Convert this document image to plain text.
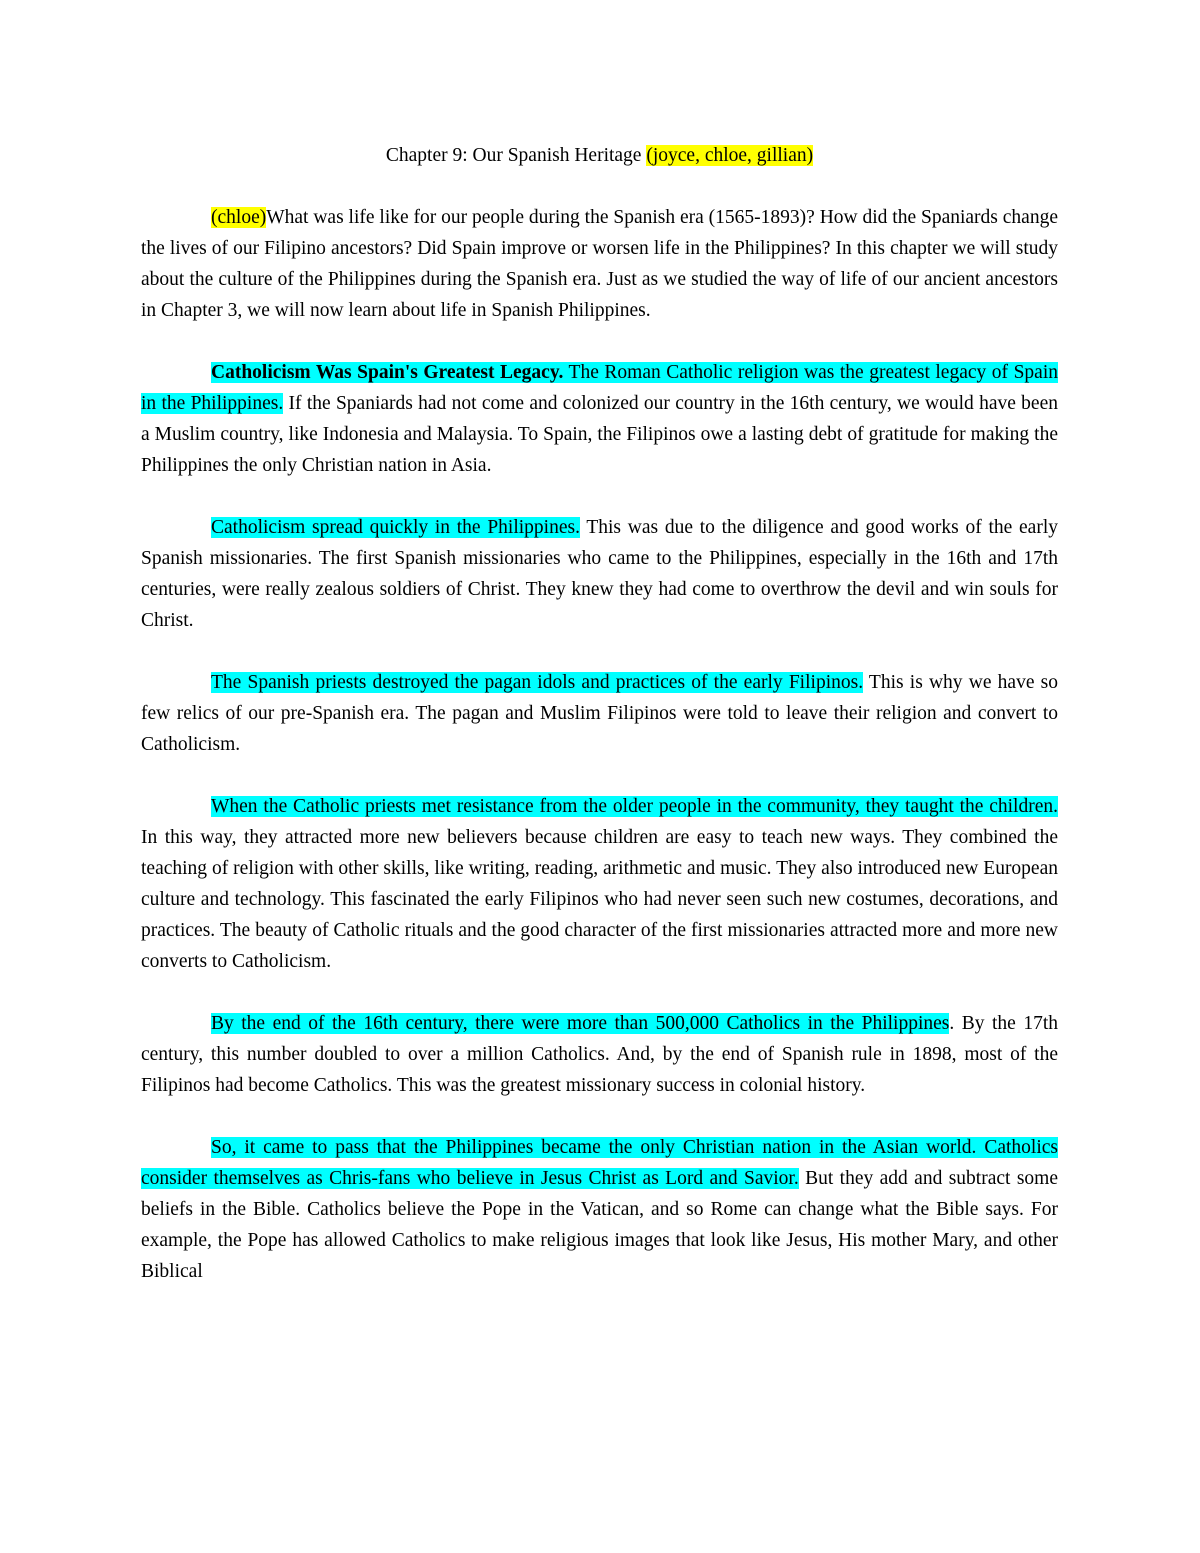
Chapter 9: Our Spanish Heritage (joyce, chloe, gillian)

(chloe)What was life like for our people during the Spanish era (1565-1893)? How did the Spaniards change the lives of our Filipino ancestors? Did Spain improve or worsen life in the Philippines? In this chapter we will study about the culture of the Philippines during the Spanish era. Just as we studied the way of life of our ancient ancestors in Chapter 3, we will now learn about life in Spanish Philippines.

Catholicism Was Spain's Greatest Legacy. The Roman Catholic religion was the greatest legacy of Spain in the Philippines. If the Spaniards had not come and colonized our country in the 16th century, we would have been a Muslim country, like Indonesia and Malaysia. To Spain, the Filipinos owe a lasting debt of gratitude for making the Philippines the only Christian nation in Asia.

Catholicism spread quickly in the Philippines. This was due to the diligence and good works of the early Spanish missionaries. The first Spanish missionaries who came to the Philippines, especially in the 16th and 17th centuries, were really zealous soldiers of Christ. They knew they had come to overthrow the devil and win souls for Christ.

The Spanish priests destroyed the pagan idols and practices of the early Filipinos. This is why we have so few relics of our pre-Spanish era. The pagan and Muslim Filipinos were told to leave their religion and convert to Catholicism.

When the Catholic priests met resistance from the older people in the community, they taught the children. In this way, they attracted more new believers because children are easy to teach new ways. They combined the teaching of religion with other skills, like writing, reading, arithmetic and music. They also introduced new European culture and technology. This fascinated the early Filipinos who had never seen such new costumes, decorations, and practices. The beauty of Catholic rituals and the good character of the first missionaries attracted more and more new converts to Catholicism.

By the end of the 16th century, there were more than 500,000 Catholics in the Philippines. By the 17th century, this number doubled to over a million Catholics. And, by the end of Spanish rule in 1898, most of the Filipinos had become Catholics. This was the greatest missionary success in colonial history.

So, it came to pass that the Philippines became the only Christian nation in the Asian world. Catholics consider themselves as Chris-fans who believe in Jesus Christ as Lord and Savior. But they add and subtract some beliefs in the Bible. Catholics believe the Pope in the Vatican, and so Rome can change what the Bible says. For example, the Pope has allowed Catholics to make religious images that look like Jesus, His mother Mary, and other Biblical
